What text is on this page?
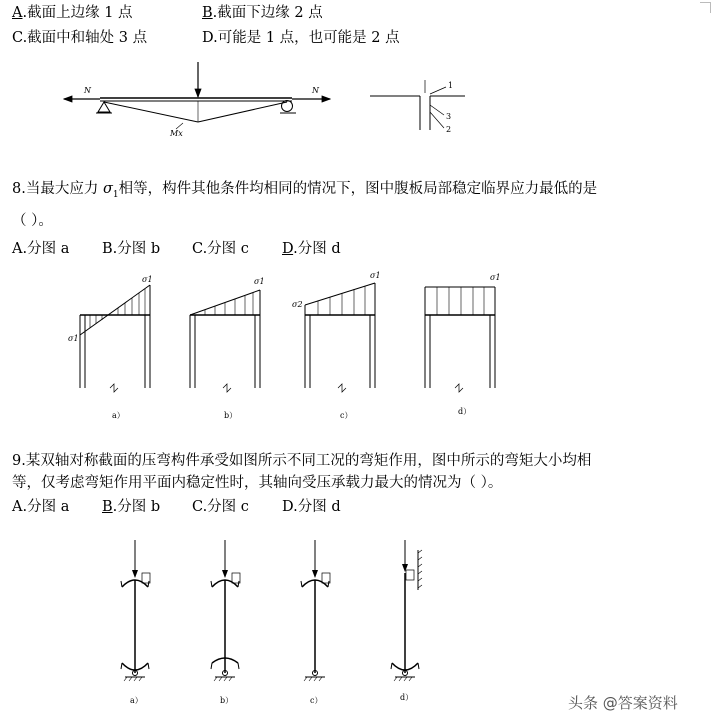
A.截面上边缘 1 点	B.截面下边缘 2 点
C.截面中和轴处 3 点	D.可能是 1 点，也可能是 2 点
N	N
Mx
1
3
2
8.当最大应力 $\sigma_1$相等，构件其他条件均相同的情况下，图中腹板局部稳定临界应力最低的是
（ ）。
A.分图 a B.分图 b C.分图 c D.分图 d
σ1
σ1
a）
σ1
b）
σ1
σ2
c）
σ1
d）
9.某双轴对称截面的压弯构件承受如图所示不同工况的弯矩作用，图中所示的弯矩大小均相
等，仅考虑弯矩作用平面内稳定性时，其轴向受压承载力最大的情况为（ ）。
A.分图 a B.分图 b C.分图 c D.分图 d
a）	b）	c）	d）	头条 @答案资料
